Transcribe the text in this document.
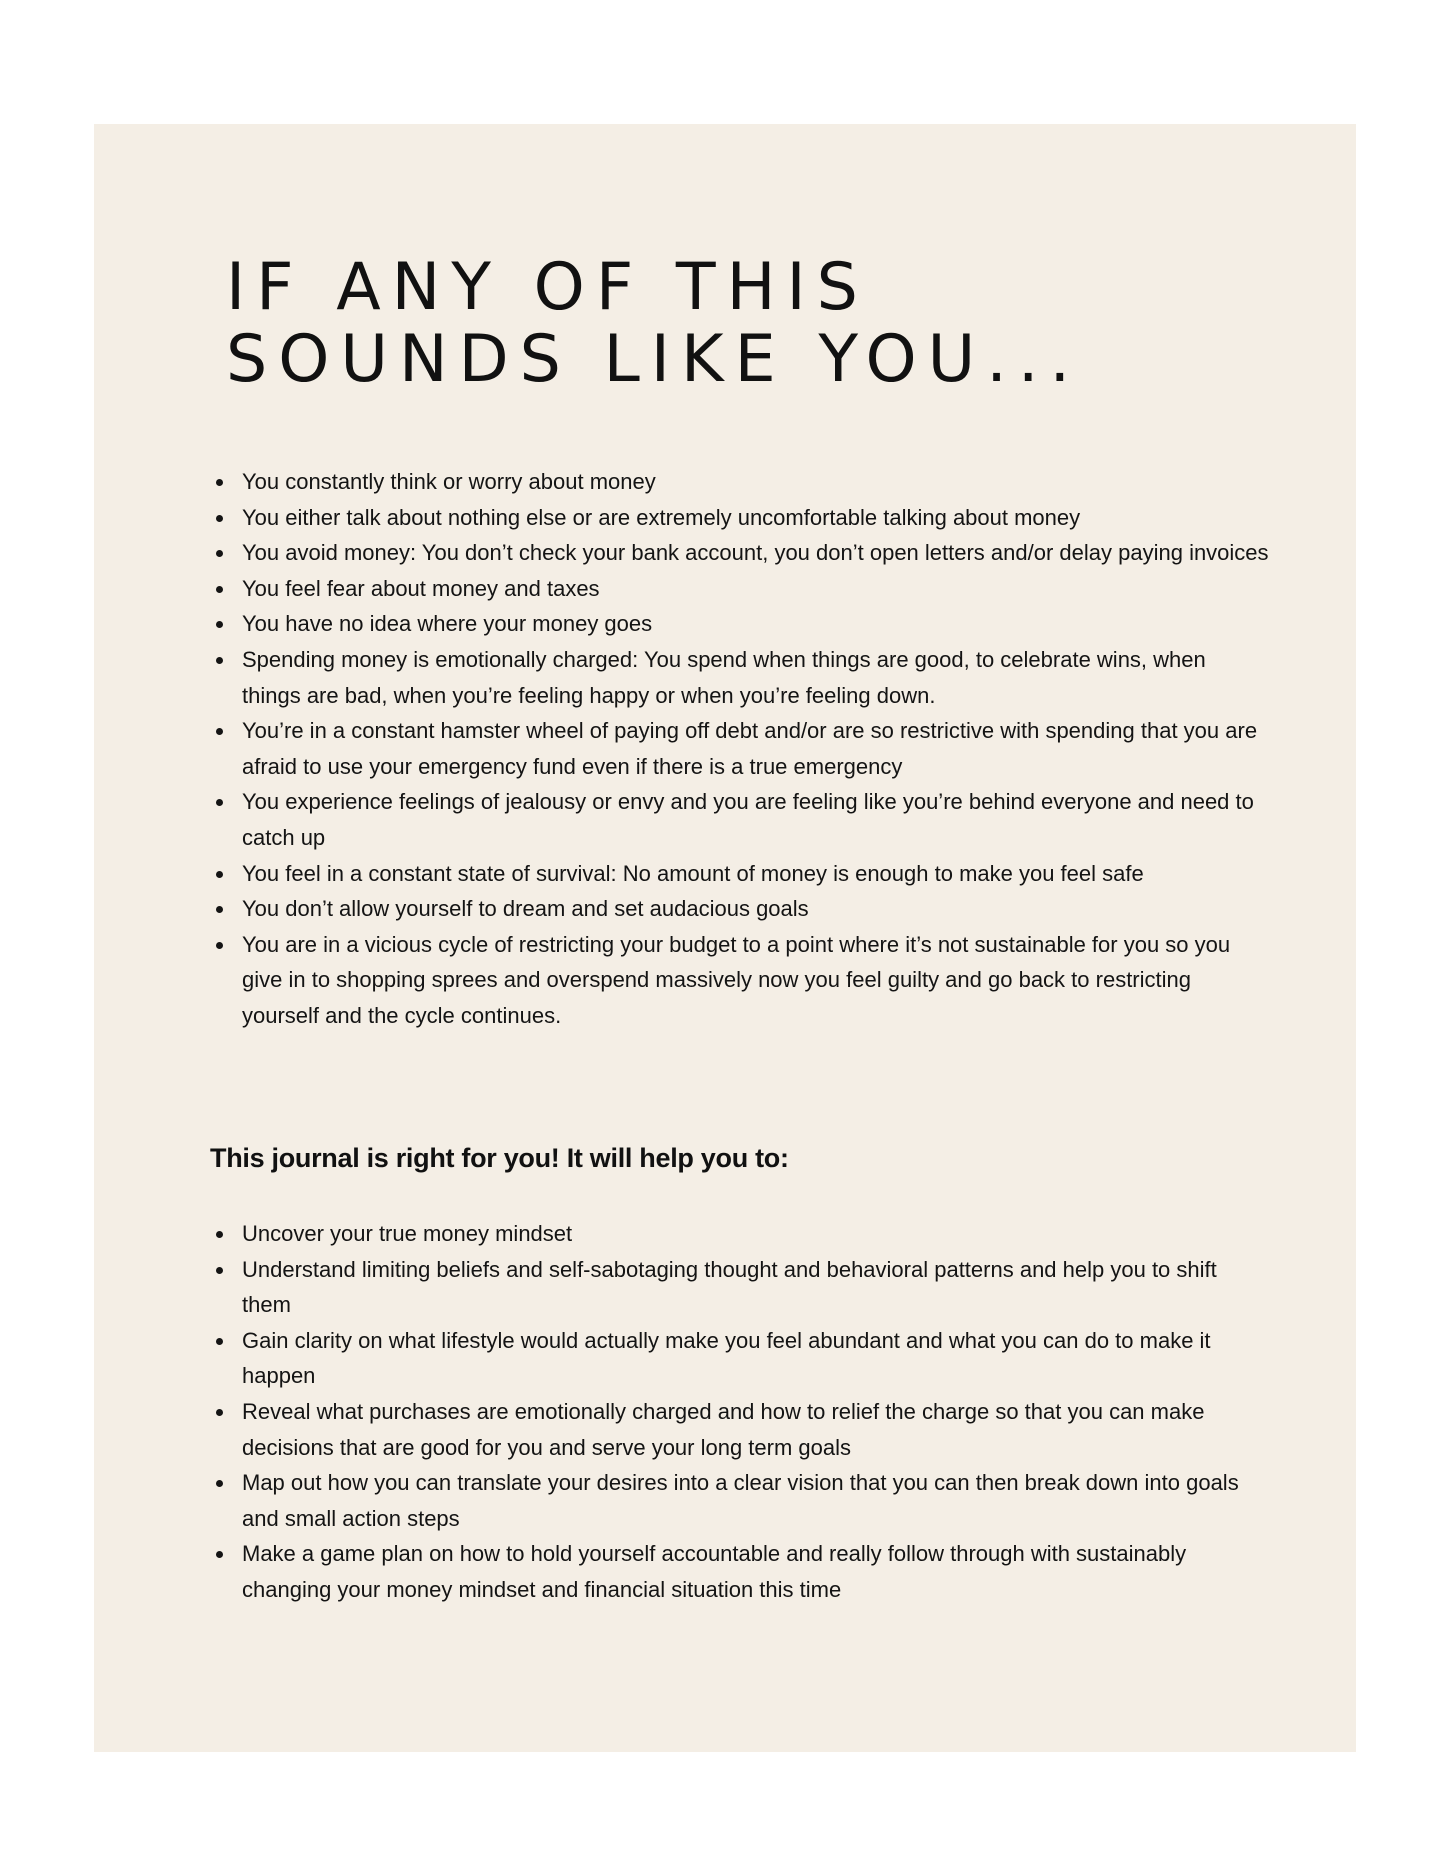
IF ANY OF THIS
SOUNDS LIKE YOU...
You constantly think or worry about money
You either talk about nothing else or are extremely uncomfortable talking about money
You avoid money: You don’t check your bank account, you don’t open letters and/or delay paying invoices
You feel fear about money and taxes
You have no idea where your money goes
Spending money is emotionally charged: You spend when things are good, to celebrate wins, when things are bad, when you’re feeling happy or when you’re feeling down.
You’re in a constant hamster wheel of paying off debt and/or are so restrictive with spending that you are afraid to use your emergency fund even if there is a true emergency
You experience feelings of jealousy or envy and you are feeling like you’re behind everyone and need to catch up
You feel in a constant state of survival: No amount of money is enough to make you feel safe
You don’t allow yourself to dream and set audacious goals
You are in a vicious cycle of restricting your budget to a point where it’s not sustainable for you so you give in to shopping sprees and overspend massively now you feel guilty and go back to restricting yourself and the cycle continues.
This journal is right for you! It will help you to:
Uncover your true money mindset
Understand limiting beliefs and self-sabotaging thought and behavioral patterns and help you to shift them
Gain clarity on what lifestyle would actually make you feel abundant and what you can do to make it happen
Reveal what purchases are emotionally charged and how to relief the charge so that you can make decisions that are good for you and serve your long term goals
Map out how you can translate your desires into a clear vision that you can then break down into goals and small action steps
Make a game plan on how to hold yourself accountable and really follow through with sustainably changing your money mindset and financial situation this time
